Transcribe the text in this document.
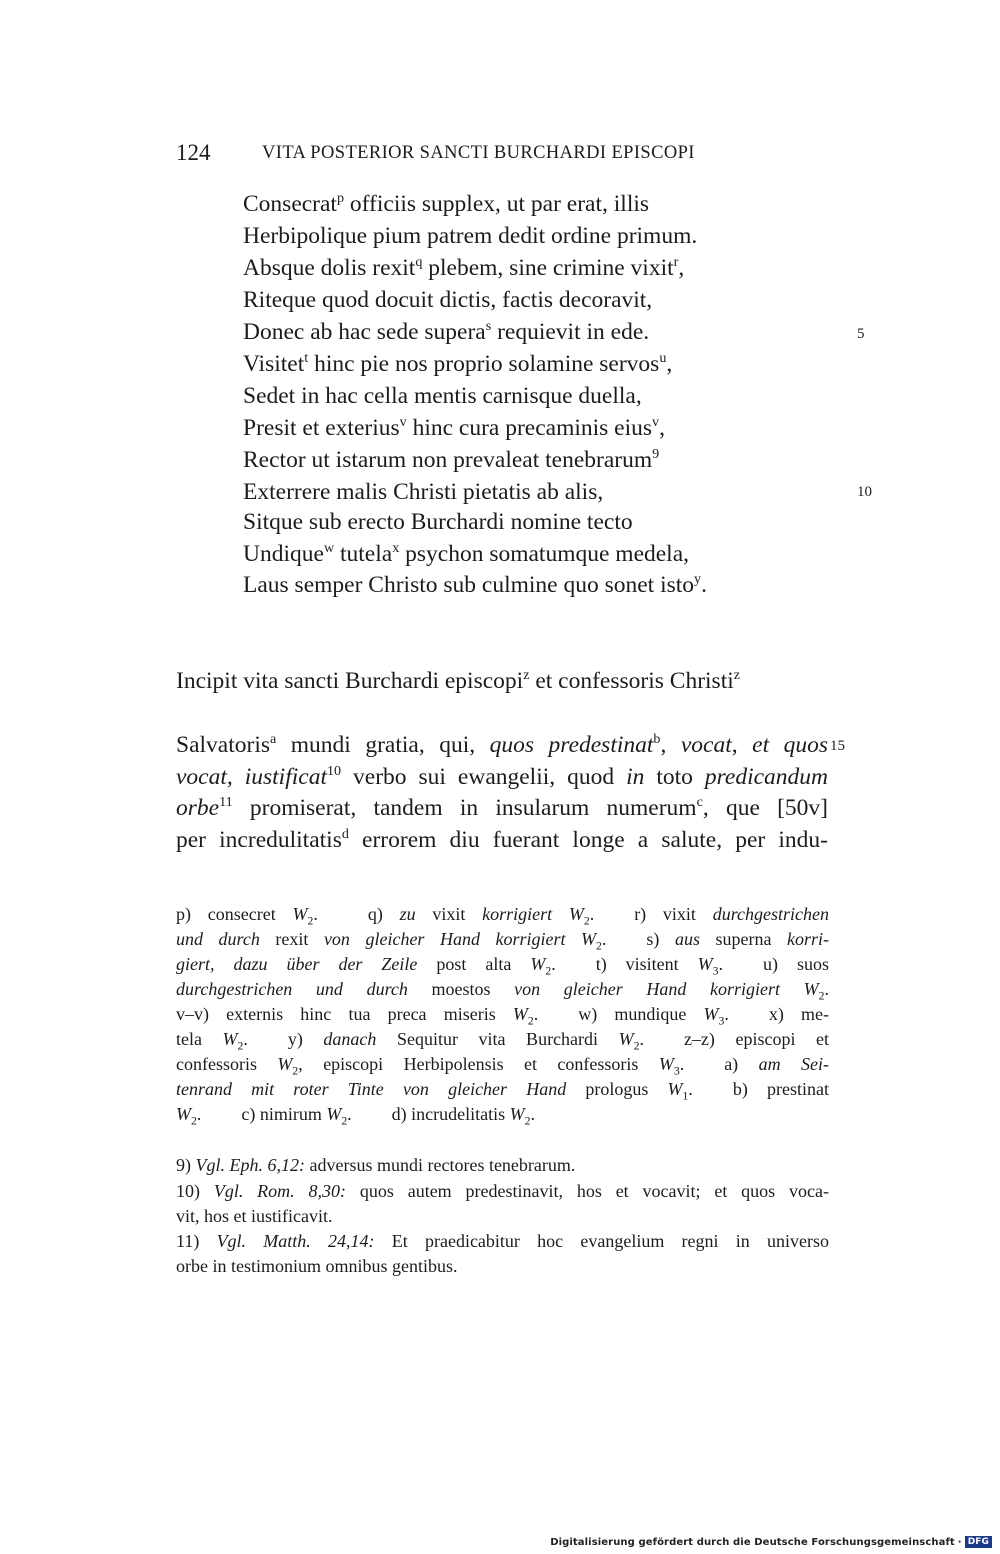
124	VITA POSTERIOR SANCTI BURCHARDI EPISCOPI
Consecrat$^p$ officiis supplex, ut par erat, illis
Herbipolique pium patrem dedit ordine primum.
Absque dolis rexit$^q$ plebem, sine crimine vixit$^r$,
Riteque quod docuit dictis, factis decoravit,
Donec ab hac sede supera$^s$ requievit in ede.
Visitet$^t$ hinc pie nos proprio solamine servos$^u$,
Sedet in hac cella mentis carnisque duella,
Presit et exterius$^v$ hinc cura precaminis eius$^v$,
Rector ut istarum non prevaleat tenebrarum$^9$
Exterrere malis Christi pietatis ab alis,
Sitque sub erecto Burchardi nomine tecto
Undique$^w$ tutela$^x$ psychon somatumque medela,
Laus semper Christo sub culmine quo sonet isto$^y$.
5
10
15
Incipit vita sancti Burchardi episcopi$^z$ et confessoris Christi$^z$
Salvatoris$^a$ mundi gratia, qui, quos predestinat$^b$, vocat, et quos
vocat, iustificat$^{10}$ verbo sui ewangelii, quod in toto predicandum
orbe$^{11}$ promiserat, tandem in insularum numerum$^c$, que [50v]
per incredulitatis$^d$ errorem diu fuerant longe a salute, per indu-
p) consecret $W_2$.	q) zu vixit korrigiert $W_2$. r) vixit durchgestrichen
und durch rexit von gleicher Hand korrigiert $W_2$. s) aus superna korri-
giert, dazu über der Zeile post alta $W_2$. t) visitent $W_3$. u) suos
durchgestrichen und durch moestos von gleicher Hand korrigiert $W_2$.
v–v) externis hinc tua preca miseris $W_2$. w) mundique $W_3$. x) me-
tela $W_2$. y) danach Sequitur vita Burchardi $W_2$. z–z) episcopi et
confessoris $W_2$, episcopi Herbipolensis et confessoris $W_3$. a) am Sei-
tenrand mit roter Tinte von gleicher Hand prologus $W_1$. b) prestinat
$W_2$. c) nimirum $W_2$. d) incrudelitatis $W_2$.
9) Vgl. Eph. 6,12: adversus mundi rectores tenebrarum.
10) Vgl. Rom. 8,30: quos autem predestinavit, hos et vocavit; et quos voca-
vit, hos et iustificavit.
11) Vgl. Matth. 24,14: Et praedicabitur hoc evangelium regni in universo
orbe in testimonium omnibus gentibus.
Digitalisierung gefördert durch die Deutsche Forschungsgemeinschaft · DFG
